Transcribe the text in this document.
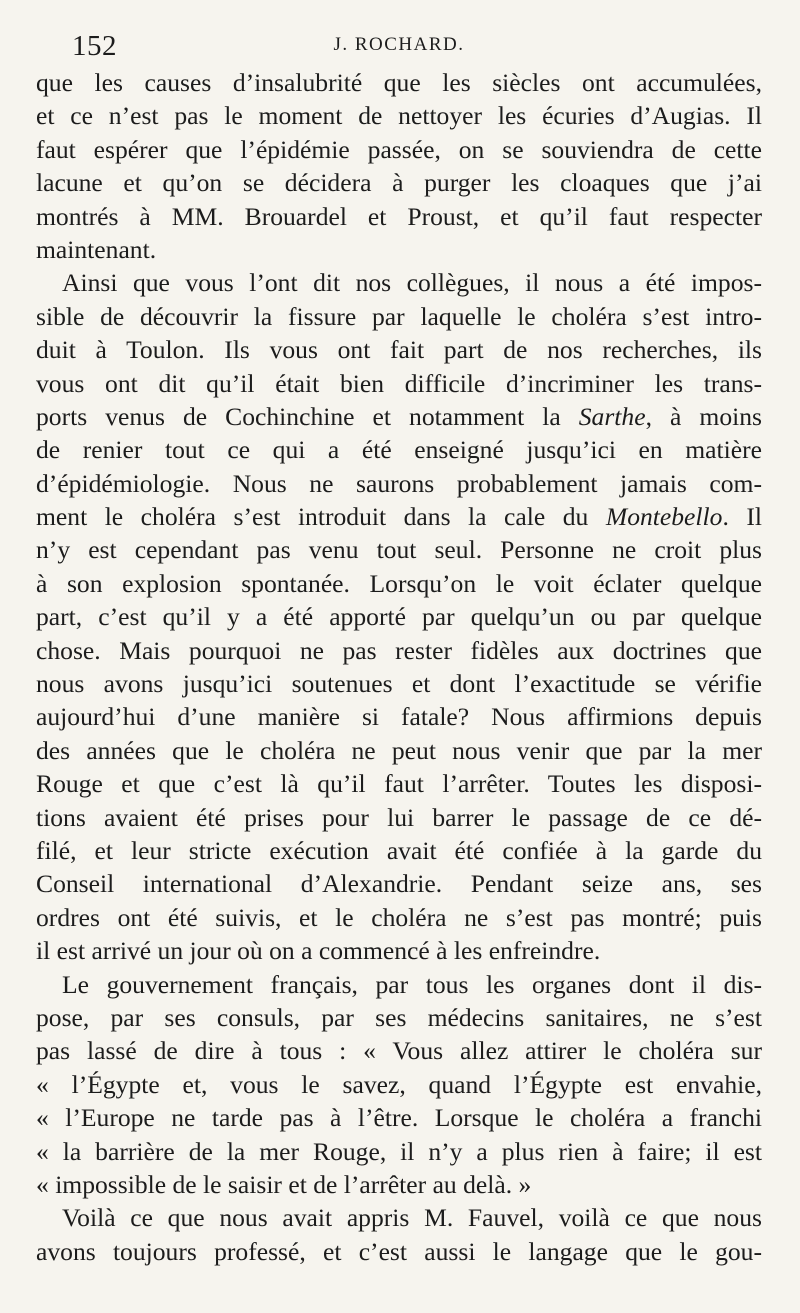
152	J. ROCHARD.

que les causes d’insalubrité que les siècles ont accumulées,
et ce n’est pas le moment de nettoyer les écuries d’Augias. Il
faut espérer que l’épidémie passée, on se souviendra de cette
lacune et qu’on se décidera à purger les cloaques que j’ai
montrés à MM. Brouardel et Proust, et qu’il faut respecter
maintenant.

Ainsi que vous l’ont dit nos collègues, il nous a été impos-
sible de découvrir la fissure par laquelle le choléra s’est intro-
duit à Toulon. Ils vous ont fait part de nos recherches, ils
vous ont dit qu’il était bien difficile d’incriminer les trans-
ports venus de Cochinchine et notamment la Sarthe, à moins
de renier tout ce qui a été enseigné jusqu’ici en matière
d’épidémiologie. Nous ne saurons probablement jamais com-
ment le choléra s’est introduit dans la cale du Montebello. Il
n’y est cependant pas venu tout seul. Personne ne croit plus
à son explosion spontanée. Lorsqu’on le voit éclater quelque
part, c’est qu’il y a été apporté par quelqu’un ou par quelque
chose. Mais pourquoi ne pas rester fidèles aux doctrines que
nous avons jusqu’ici soutenues et dont l’exactitude se vérifie
aujourd’hui d’une manière si fatale? Nous affirmions depuis
des années que le choléra ne peut nous venir que par la mer
Rouge et que c’est là qu’il faut l’arrêter. Toutes les disposi-
tions avaient été prises pour lui barrer le passage de ce dé-
filé, et leur stricte exécution avait été confiée à la garde du
Conseil international d’Alexandrie. Pendant seize ans, ses
ordres ont été suivis, et le choléra ne s’est pas montré; puis
il est arrivé un jour où on a commencé à les enfreindre.

Le gouvernement français, par tous les organes dont il dis-
pose, par ses consuls, par ses médecins sanitaires, ne s’est
pas lassé de dire à tous : « Vous allez attirer le choléra sur
« l’Égypte et, vous le savez, quand l’Égypte est envahie,
« l’Europe ne tarde pas à l’être. Lorsque le choléra a franchi
« la barrière de la mer Rouge, il n’y a plus rien à faire; il est
« impossible de le saisir et de l’arrêter au delà. »

Voilà ce que nous avait appris M. Fauvel, voilà ce que nous
avons toujours professé, et c’est aussi le langage que le gou-
